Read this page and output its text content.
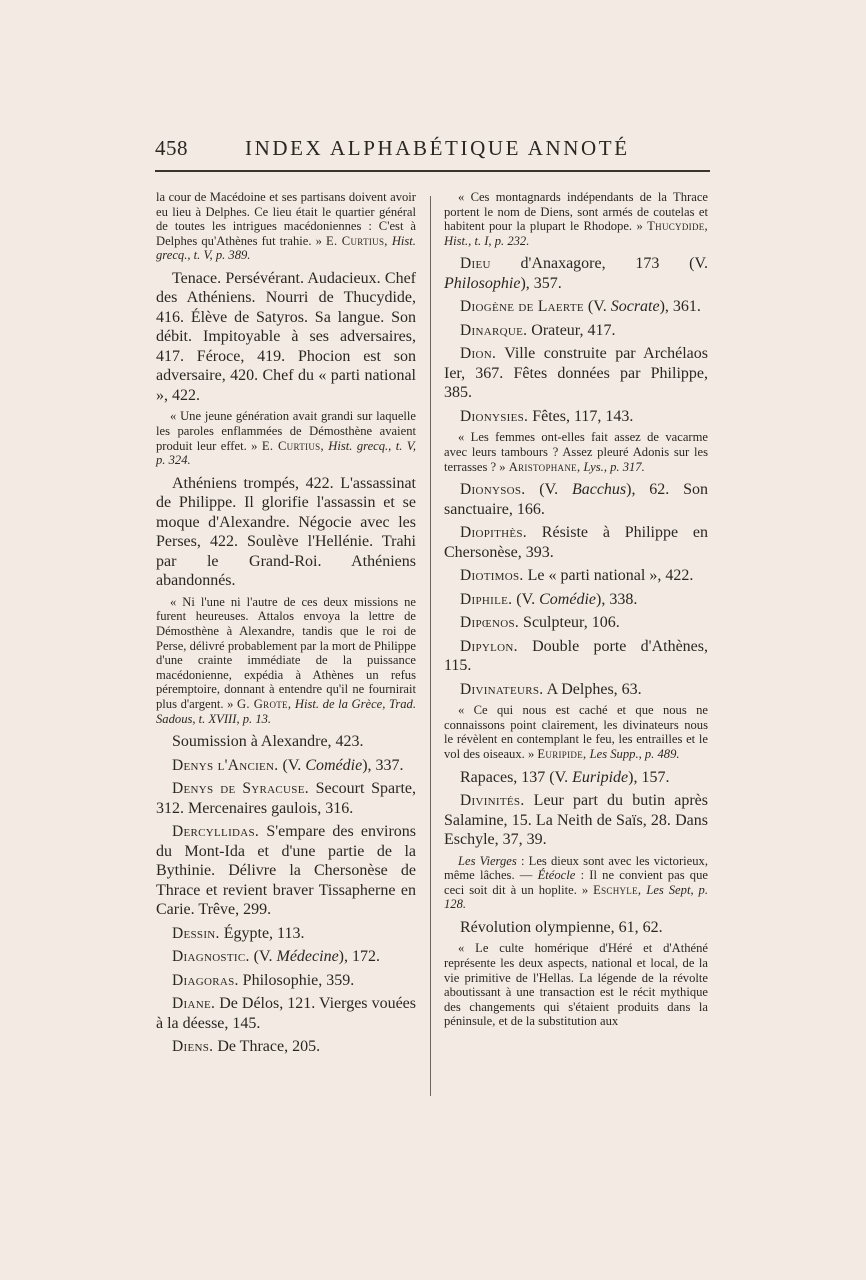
458	INDEX ALPHABÉTIQUE ANNOTÉ

la cour de Macédoine et ses partisans doivent avoir eu lieu à Delphes. Ce lieu était le quartier général de toutes les intrigues macédoniennes : C'est à Delphes qu'Athènes fut trahie. » E. Curtius, Hist. grecq., t. V, p. 389.

Tenace. Persévérant. Audacieux. Chef des Athéniens. Nourri de Thucydide, 416. Élève de Satyros. Sa langue. Son débit. Impitoyable à ses adversaires, 417. Féroce, 419. Phocion est son adversaire, 420. Chef du « parti national », 422.

« Une jeune génération avait grandi sur laquelle les paroles enflammées de Démosthène avaient produit leur effet. » E. Curtius, Hist. grecq., t. V, p. 324.

Athéniens trompés, 422. L'assassinat de Philippe. Il glorifie l'assassin et se moque d'Alexandre. Négocie avec les Perses, 422. Soulève l'Hellénie. Trahi par le Grand-Roi. Athéniens abandonnés.

« Ni l'une ni l'autre de ces deux missions ne furent heureuses. Attalos envoya la lettre de Démosthène à Alexandre, tandis que le roi de Perse, délivré probablement par la mort de Philippe d'une crainte immédiate de la puissance macédonienne, expédia à Athènes un refus péremptoire, donnant à entendre qu'il ne fournirait plus d'argent. » G. Grote, Hist. de la Grèce, Trad. Sadous, t. XVIII, p. 13.

Soumission à Alexandre, 423.

Denys l'Ancien. (V. Comédie), 337.

Denys de Syracuse. Secourt Sparte, 312. Mercenaires gaulois, 316.

Dercyllidas. S'empare des environs du Mont-Ida et d'une partie de la Bythinie. Délivre la Chersonèse de Thrace et revient braver Tissapherne en Carie. Trêve, 299.

Dessin. Égypte, 113.

Diagnostic. (V. Médecine), 172.

Diagoras. Philosophie, 359.

Diane. De Délos, 121. Vierges vouées à la déesse, 145.

Diens. De Thrace, 205.

« Ces montagnards indépendants de la Thrace portent le nom de Diens, sont armés de coutelas et habitent pour la plupart le Rhodope. » Thucydide, Hist., t. I, p. 232.

Dieu d'Anaxagore, 173 (V. Philosophie), 357.

Diogène de Laerte (V. Socrate), 361.

Dinarque. Orateur, 417.

Dion. Ville construite par Archélaos Ier, 367. Fêtes données par Philippe, 385.

Dionysies. Fêtes, 117, 143.

« Les femmes ont-elles fait assez de vacarme avec leurs tambours ? Assez pleuré Adonis sur les terrasses ? » Aristophane, Lys., p. 317.

Dionysos. (V. Bacchus), 62. Son sanctuaire, 166.

Diopithès. Résiste à Philippe en Chersonèse, 393.

Diotimos. Le « parti national », 422.

Diphile. (V. Comédie), 338.

Dipœnos. Sculpteur, 106.

Dipylon. Double porte d'Athènes, 115.

Divinateurs. A Delphes, 63.

« Ce qui nous est caché et que nous ne connaissons point clairement, les divinateurs nous le révèlent en contemplant le feu, les entrailles et le vol des oiseaux. » Euripide, Les Supp., p. 489.

Rapaces, 137 (V. Euripide), 157.

Divinités. Leur part du butin après Salamine, 15. La Neith de Saïs, 28. Dans Eschyle, 37, 39.

Les Vierges : Les dieux sont avec les victorieux, même lâches. — Étéocle : Il ne convient pas que ceci soit dit à un hoplite. » Eschyle, Les Sept, p. 128.

Révolution olympienne, 61, 62.

« Le culte homérique d'Héré et d'Athéné représente les deux aspects, national et local, de la vie primitive de l'Hellas. La légende de la révolte aboutissant à une transaction est le récit mythique des changements qui s'étaient produits dans la péninsule, et de la substitution aux
